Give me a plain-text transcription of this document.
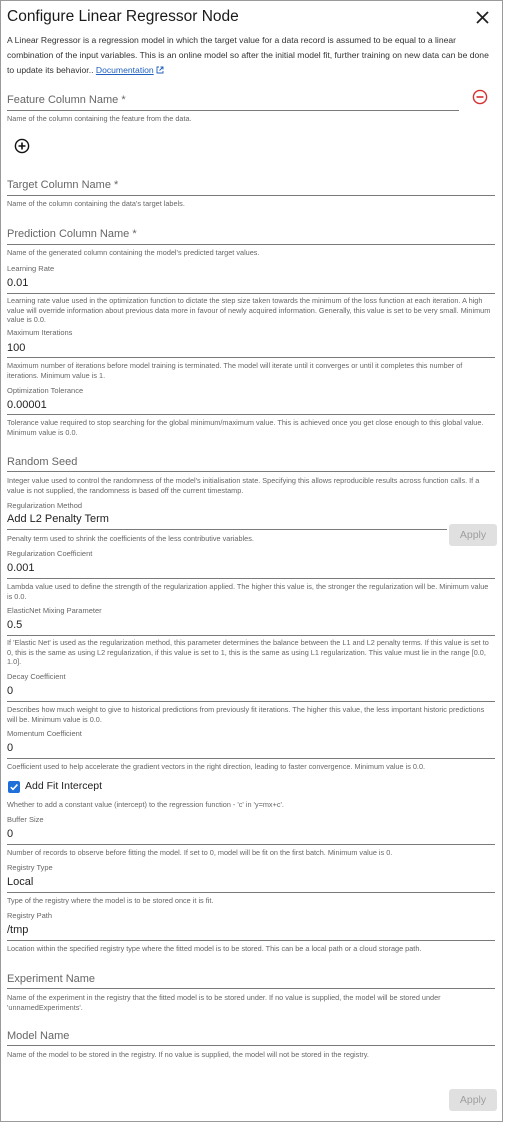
Configure Linear Regressor Node
A Linear Regressor is a regression model in which the target value for a data record is assumed to be equal to a linear combination of the input variables. This is an online model so after the initial model fit, further training on new data can be done to update its behavior.. Documentation
Feature Column Name *
Name of the column containing the feature from the data.
Target Column Name *
Name of the column containing the data's target labels.
Prediction Column Name *
Name of the generated column containing the model's predicted target values.
Learning Rate
0.01
Learning rate value used in the optimization function to dictate the step size taken towards the minimum of the loss function at each iteration. A high value will override information about previous data more in favour of newly acquired information. Generally, this value is set to be very small. Minimum value is 0.0.
Maximum Iterations
100
Maximum number of iterations before model training is terminated. The model will iterate until it converges or until it completes this number of iterations. Minimum value is 1.
Optimization Tolerance
0.00001
Tolerance value required to stop searching for the global minimum/maximum value. This is achieved once you get close enough to this global value. Minimum value is 0.0.
Random Seed
Integer value used to control the randomness of the model's initialisation state. Specifying this allows reproducible results across function calls. If a value is not supplied, the randomness is based off the current timestamp.
Regularization Method
Add L2 Penalty Term
Apply
Penalty term used to shrink the coefficients of the less contributive variables.
Regularization Coefficient
0.001
Lambda value used to define the strength of the regularization applied. The higher this value is, the stronger the regularization will be. Minimum value is 0.0.
ElasticNet Mixing Parameter
0.5
If 'Elastic Net' is used as the regularization method, this parameter determines the balance between the L1 and L2 penalty terms. If this value is set to 0, this is the same as using L2 regularization, if this value is set to 1, this is the same as using L1 regularization. This value must lie in the range [0.0, 1.0].
Decay Coefficient
0
Describes how much weight to give to historical predictions from previously fit iterations. The higher this value, the less important historic predictions will be. Minimum value is 0.0.
Momentum Coefficient
0
Coefficient used to help accelerate the gradient vectors in the right direction, leading to faster convergence. Minimum value is 0.0.
Add Fit Intercept
Whether to add a constant value (intercept) to the regression function - 'c' in 'y=mx+c'.
Buffer Size
0
Number of records to observe before fitting the model. If set to 0, model will be fit on the first batch. Minimum value is 0.
Registry Type
Local
Type of the registry where the model is to be stored once it is fit.
Registry Path
/tmp
Location within the specified registry type where the fitted model is to be stored. This can be a local path or a cloud storage path.
Experiment Name
Name of the experiment in the registry that the fitted model is to be stored under. If no value is supplied, the model will be stored under 'unnamedExperiments'.
Model Name
Name of the model to be stored in the registry. If no value is supplied, the model will not be stored in the registry.
Apply
